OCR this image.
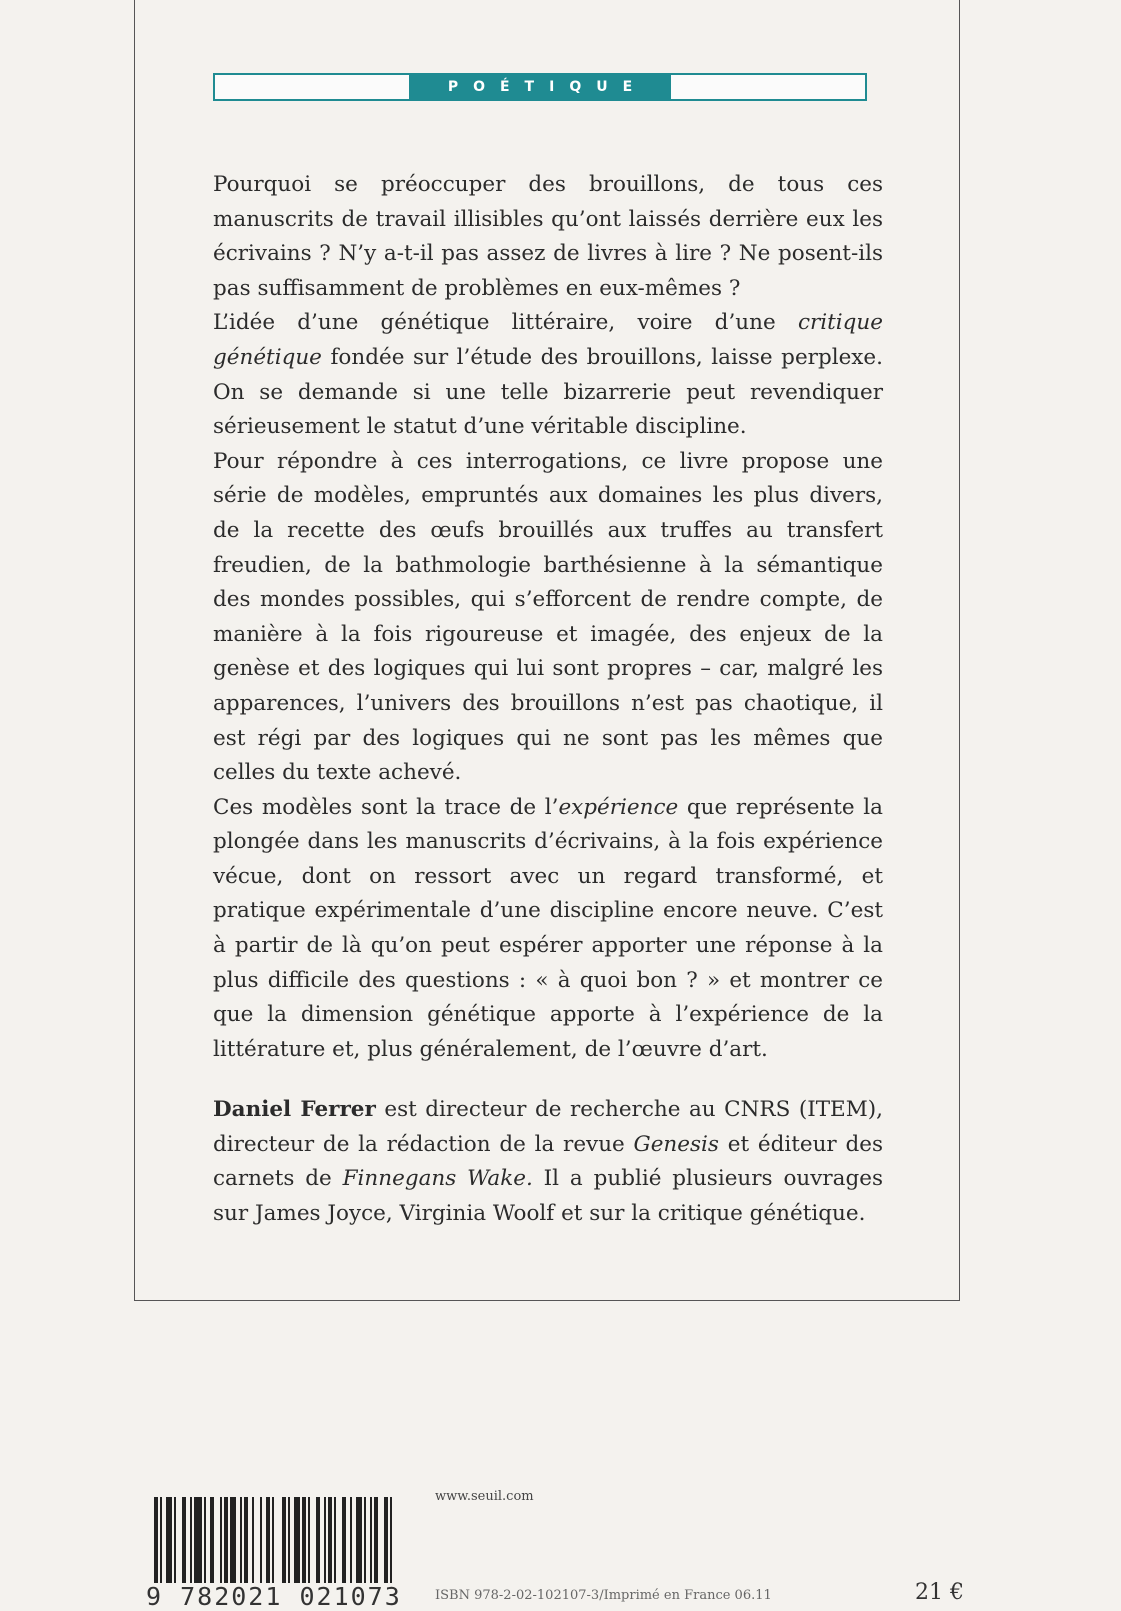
POÉTIQUE

Pourquoi se préoccuper des brouillons, de tous ces manuscrits de travail illisibles qu’ont laissés derrière eux les écrivains ? N’y a-t-il pas assez de livres à lire ? Ne posent-ils pas suffisamment de problèmes en eux-mêmes ?

L’idée d’une génétique littéraire, voire d’une critique génétique fondée sur l’étude des brouillons, laisse perplexe. On se demande si une telle bizarrerie peut revendiquer sérieusement le statut d’une véritable discipline.

Pour répondre à ces interrogations, ce livre propose une série de modèles, empruntés aux domaines les plus divers, de la recette des œufs brouillés aux truffes au transfert freudien, de la bathmologie barthésienne à la sémantique des mondes possibles, qui s’efforcent de rendre compte, de manière à la fois rigoureuse et imagée, des enjeux de la genèse et des logiques qui lui sont propres – car, malgré les apparences, l’univers des brouillons n’est pas chaotique, il est régi par des logiques qui ne sont pas les mêmes que celles du texte achevé.

Ces modèles sont la trace de l’expérience que représente la plongée dans les manuscrits d’écrivains, à la fois expérience vécue, dont on ressort avec un regard transformé, et pratique expérimentale d’une discipline encore neuve. C’est à partir de là qu’on peut espérer apporter une réponse à la plus difficile des questions : « à quoi bon ? » et montrer ce que la dimension génétique apporte à l’expérience de la littérature et, plus généralement, de l’œuvre d’art.

Daniel Ferrer est directeur de recherche au CNRS (ITEM), directeur de la rédaction de la revue Genesis et éditeur des carnets de Finnegans Wake. Il a publié plusieurs ouvrages sur James Joyce, Virginia Woolf et sur la critique génétique.

9 782021 021073
www.seuil.com
ISBN 978-2-02-102107-3/Imprimé en France 06.11	21 €
